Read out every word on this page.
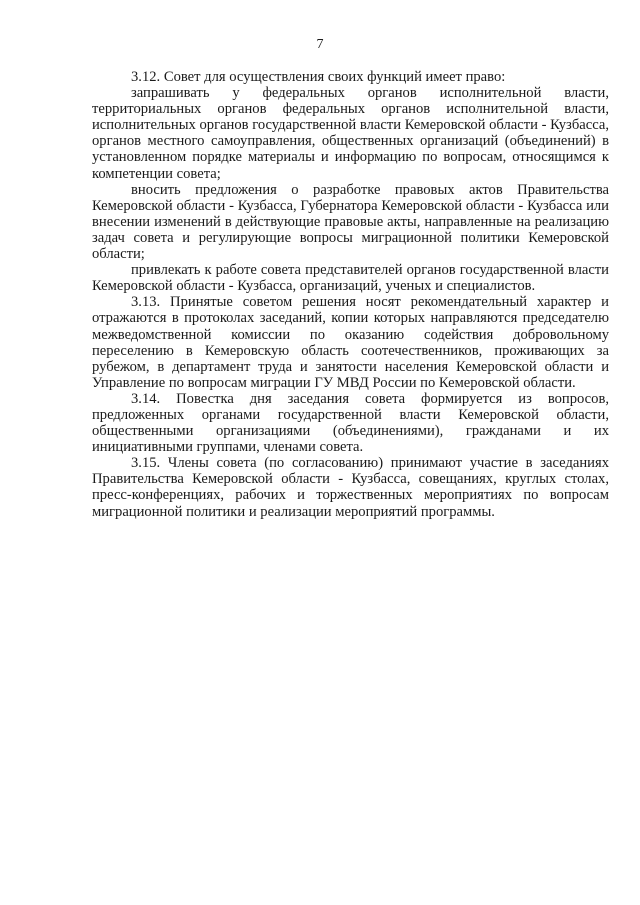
7

3.12. Совет для осуществления своих функций имеет право:

запрашивать у федеральных органов исполнительной власти, территориальных органов федеральных органов исполнительной власти, исполнительных органов государственной власти Кемеровской области - Кузбасса, органов местного самоуправления, общественных организаций (объединений) в установленном порядке материалы и информацию по вопросам, относящимся к компетенции совета;

вносить предложения о разработке правовых актов Правительства Кемеровской области - Кузбасса, Губернатора Кемеровской области - Кузбасса или внесении изменений в действующие правовые акты, направленные на реализацию задач совета и регулирующие вопросы миграционной политики Кемеровской области;

привлекать к работе совета представителей органов государственной власти Кемеровской области - Кузбасса, организаций, ученых и специалистов.

3.13. Принятые советом решения носят рекомендательный характер и отражаются в протоколах заседаний, копии которых направляются председателю межведомственной комиссии по оказанию содействия добровольному переселению в Кемеровскую область соотечественников, проживающих за рубежом, в департамент труда и занятости населения Кемеровской области и Управление по вопросам миграции ГУ МВД России по Кемеровской области.

3.14. Повестка дня заседания совета формируется из вопросов, предложенных органами государственной власти Кемеровской области, общественными организациями (объединениями), гражданами и их инициативными группами, членами совета.

3.15. Члены совета (по согласованию) принимают участие в заседаниях Правительства Кемеровской области - Кузбасса, совещаниях, круглых столах, пресс-конференциях, рабочих и торжественных мероприятиях по вопросам миграционной политики и реализации мероприятий программы.
